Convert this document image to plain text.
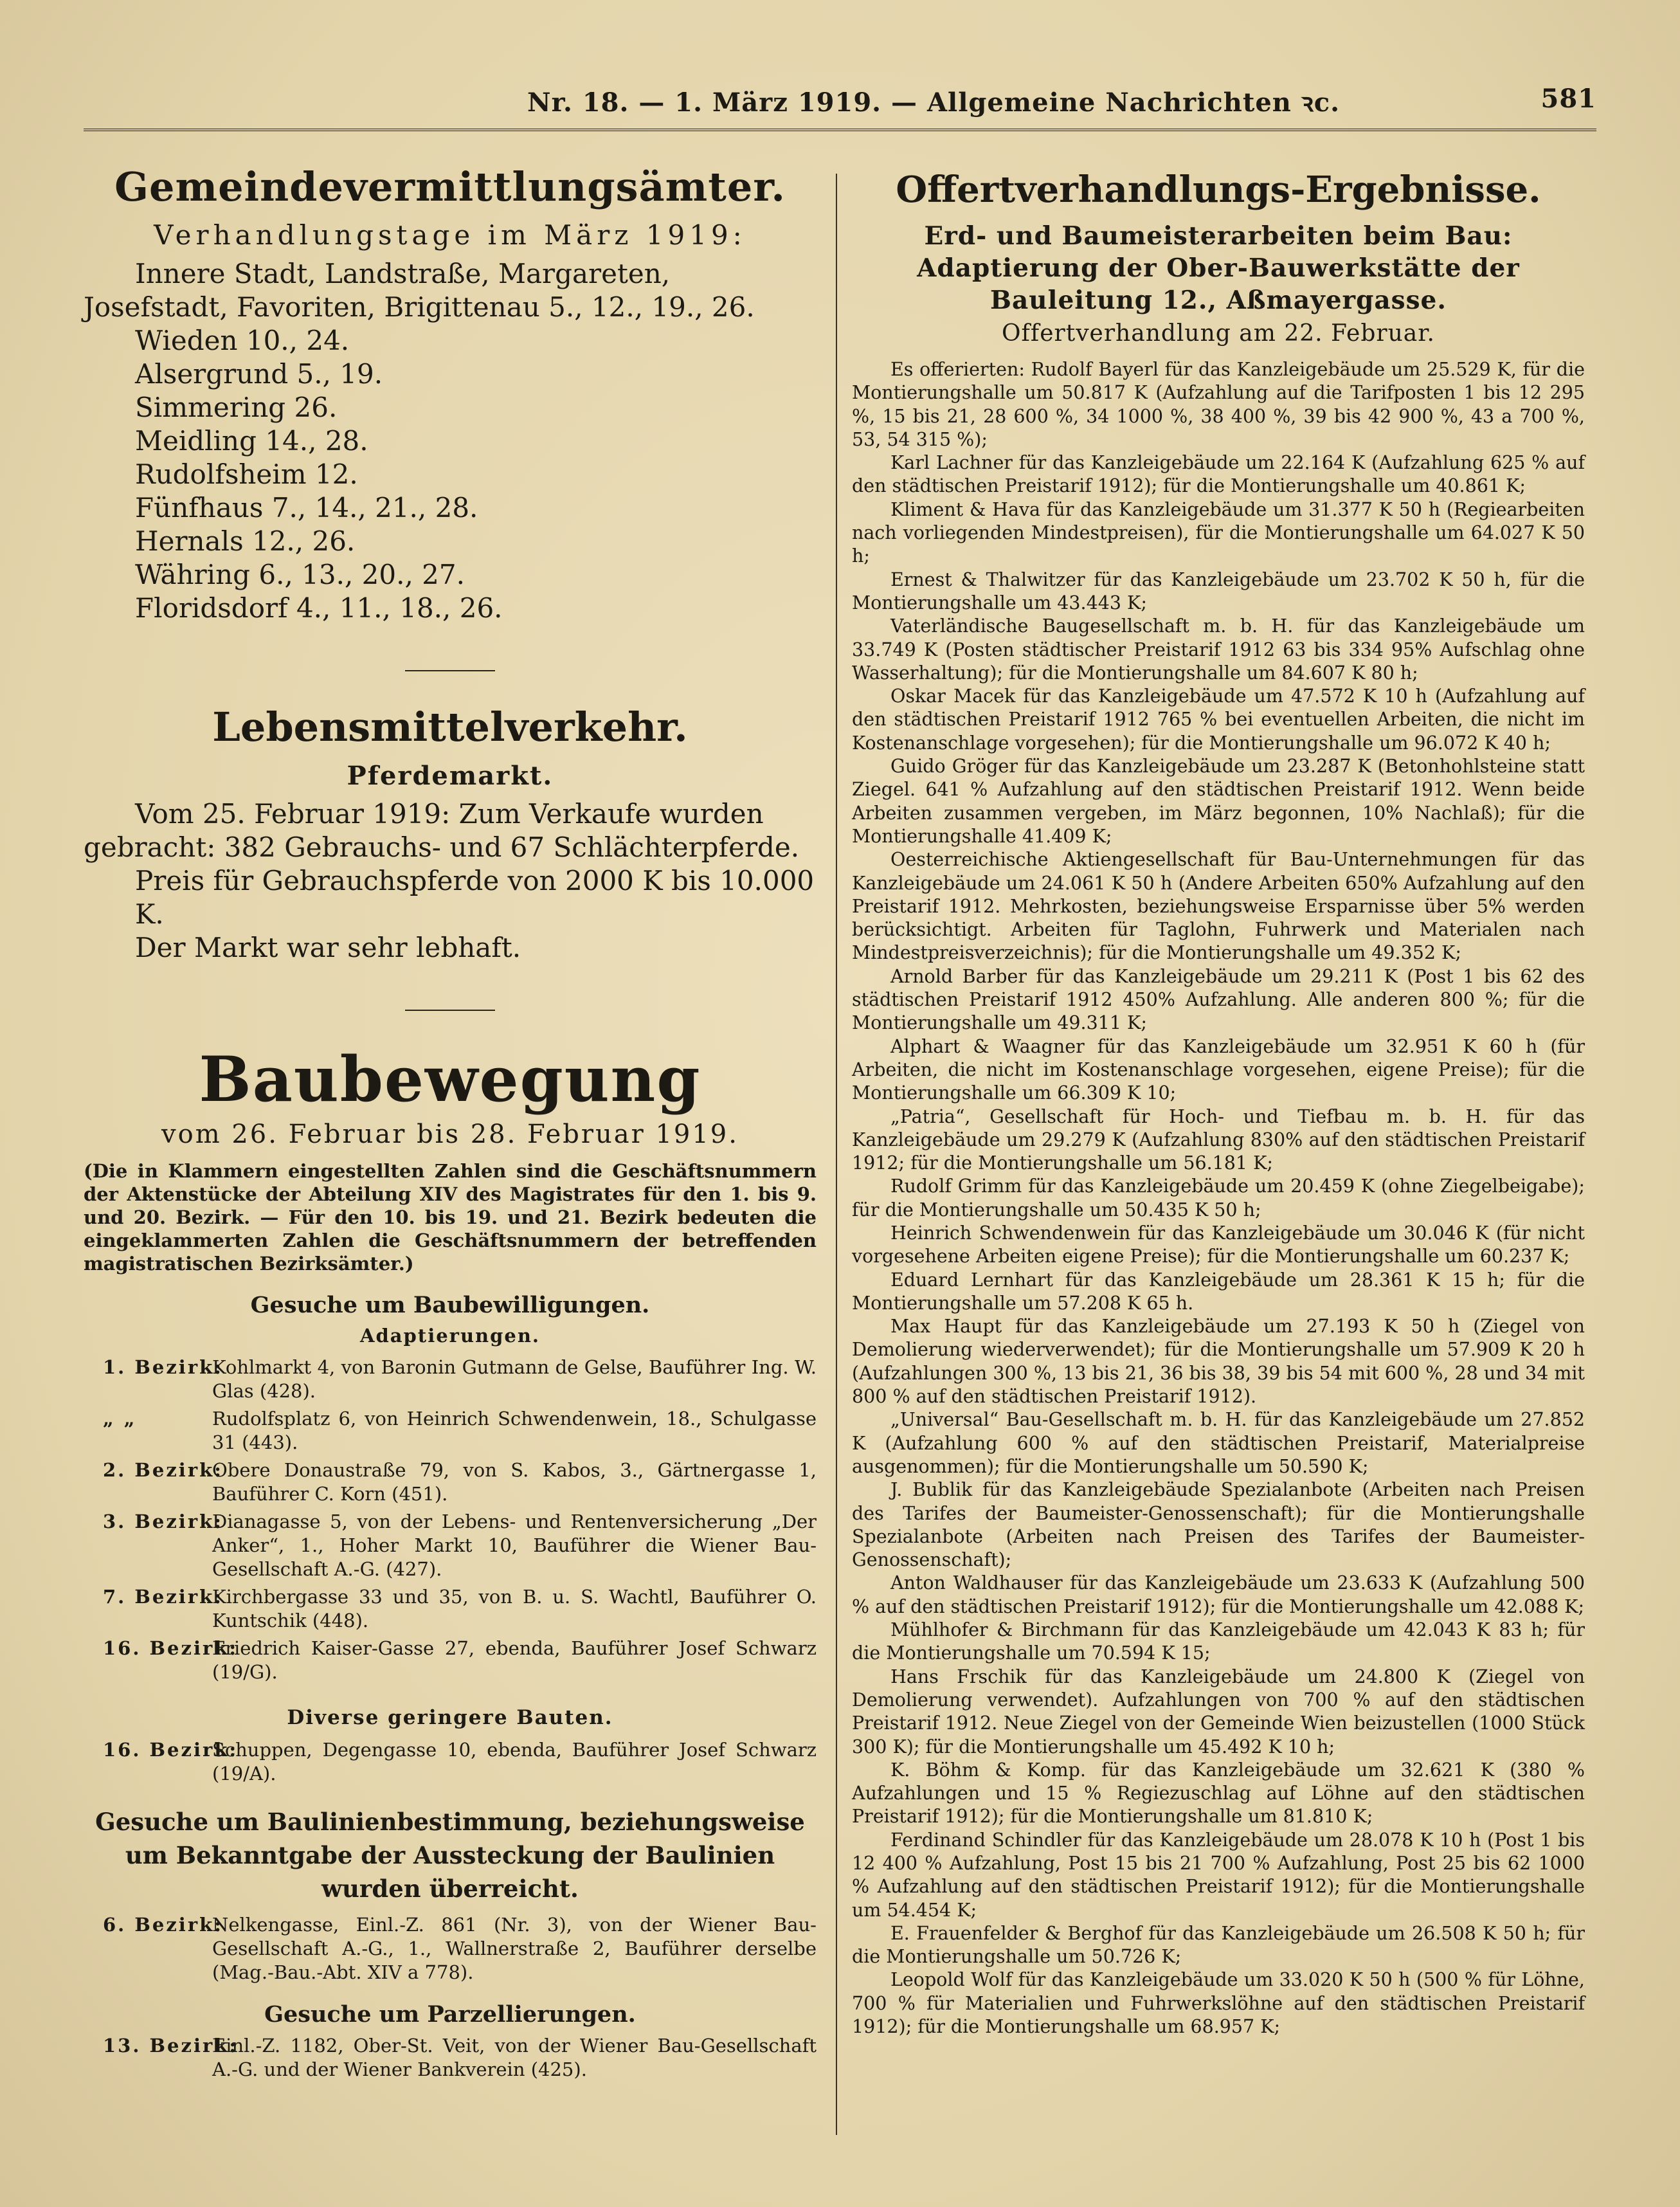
Nr. 18. — 1. März 1919. — Allgemeine Nachrichten ꝛc.	581
Gemeindevermittlungsämter.
Verhandlungstage im März 1919:

Innere Stadt, Landstraße, Margareten, Josefstadt, Favoriten, Brigittenau 5., 12., 19., 26.

Wieden 10., 24.

Alsergrund 5., 19.

Simmering 26.

Meidling 14., 28.

Rudolfsheim 12.

Fünfhaus 7., 14., 21., 28.

Hernals 12., 26.

Währing 6., 13., 20., 27.

Floridsdorf 4., 11., 18., 26.

Lebensmittelverkehr.
Pferdemarkt.

Vom 25. Februar 1919: Zum Verkaufe wurden gebracht: 382 Gebrauchs- und 67 Schlächterpferde.

Preis für Gebrauchspferde von 2000 K bis 10.000 K.

Der Markt war sehr lebhaft.

Baubewegung
vom 26. Februar bis 28. Februar 1919.
(Die in Klammern eingestellten Zahlen sind die Geschäftsnummern der Aktenstücke der Abteilung XIV des Magistrates für den 1. bis 9. und 20. Bezirk. — Für den 10. bis 19. und 21. Bezirk bedeuten die eingeklammerten Zahlen die Geschäftsnummern der betreffenden magistratischen Bezirksämter.)
Gesuche um Baubewilligungen.
Adaptierungen.
1. Bezirk:
Kohlmarkt 4, von Baronin Gutmann de Gelse, Bauführer Ing. W. Glas (428).
„ „	Rudolfsplatz 6, von Heinrich Schwendenwein, 18., Schulgasse 31 (443).
2. Bezirk:
Obere Donaustraße 79, von S. Kabos, 3., Gärtnergasse 1, Bauführer C. Korn (451).
3. Bezirk:
Dianagasse 5, von der Lebens- und Rentenversicherung „Der Anker“, 1., Hoher Markt 10, Bauführer die Wiener Bau-Gesellschaft A.-G. (427).
7. Bezirk:
Kirchbergasse 33 und 35, von B. u. S. Wachtl, Bauführer O. Kuntschik (448).
16. Bezirk:
Friedrich Kaiser-Gasse 27, ebenda, Bauführer Josef Schwarz (19/G).
Diverse geringere Bauten.
16. Bezirk:
Schuppen, Degengasse 10, ebenda, Bauführer Josef Schwarz (19/A).
Gesuche um Baulinienbestimmung, beziehungsweise um Bekanntgabe der Aussteckung der Baulinien wurden überreicht.
6. Bezirk:
Nelkengasse, Einl.-Z. 861 (Nr. 3), von der Wiener Bau-Gesellschaft A.-G., 1., Wallnerstraße 2, Bauführer derselbe (Mag.-Bau.-Abt. XIV a 778).
Gesuche um Parzellierungen.
13. Bezirk:
Einl.-Z. 1182, Ober-St. Veit, von der Wiener Bau-Gesellschaft A.-G. und der Wiener Bankverein (425).
Offertverhandlungs-Ergebnisse.
Erd- und Baumeisterarbeiten beim Bau: Adaptierung der Ober-Bauwerkstätte der Bauleitung 12., Aßmayergasse.
Offertverhandlung am 22. Februar.

Es offerierten: Rudolf Bayerl für das Kanzleigebäude um 25.529 K, für die Montierungshalle um 50.817 K (Aufzahlung auf die Tarifposten 1 bis 12 295 %, 15 bis 21, 28 600 %, 34 1000 %, 38 400 %, 39 bis 42 900 %, 43 a 700 %, 53, 54 315 %);

Karl Lachner für das Kanzleigebäude um 22.164 K (Aufzahlung 625 % auf den städtischen Preistarif 1912); für die Montierungshalle um 40.861 K;

Kliment & Hava für das Kanzleigebäude um 31.377 K 50 h (Regiearbeiten nach vorliegenden Mindestpreisen), für die Montierungshalle um 64.027 K 50 h;

Ernest & Thalwitzer für das Kanzleigebäude um 23.702 K 50 h, für die Montierungshalle um 43.443 K;

Vaterländische Baugesellschaft m. b. H. für das Kanzleigebäude um 33.749 K (Posten städtischer Preistarif 1912 63 bis 334 95% Aufschlag ohne Wasserhaltung); für die Montierungshalle um 84.607 K 80 h;

Oskar Macek für das Kanzleigebäude um 47.572 K 10 h (Aufzahlung auf den städtischen Preistarif 1912 765 % bei eventuellen Arbeiten, die nicht im Kostenanschlage vorgesehen); für die Montierungshalle um 96.072 K 40 h;

Guido Gröger für das Kanzleigebäude um 23.287 K (Betonhohlsteine statt Ziegel. 641 % Aufzahlung auf den städtischen Preistarif 1912. Wenn beide Arbeiten zusammen vergeben, im März begonnen, 10% Nachlaß); für die Montierungshalle 41.409 K;

Oesterreichische Aktiengesellschaft für Bau-Unternehmungen für das Kanzleigebäude um 24.061 K 50 h (Andere Arbeiten 650% Aufzahlung auf den Preistarif 1912. Mehrkosten, beziehungsweise Ersparnisse über 5% werden berücksichtigt. Arbeiten für Taglohn, Fuhrwerk und Materialen nach Mindestpreisverzeichnis); für die Montierungshalle um 49.352 K;

Arnold Barber für das Kanzleigebäude um 29.211 K (Post 1 bis 62 des städtischen Preistarif 1912 450% Aufzahlung. Alle anderen 800 %; für die Montierungshalle um 49.311 K;

Alphart & Waagner für das Kanzleigebäude um 32.951 K 60 h (für Arbeiten, die nicht im Kostenanschlage vorgesehen, eigene Preise); für die Montierungshalle um 66.309 K 10;

„Patria“, Gesellschaft für Hoch- und Tiefbau m. b. H. für das Kanzleigebäude um 29.279 K (Aufzahlung 830% auf den städtischen Preistarif 1912; für die Montierungshalle um 56.181 K;

Rudolf Grimm für das Kanzleigebäude um 20.459 K (ohne Ziegelbeigabe); für die Montierungshalle um 50.435 K 50 h;

Heinrich Schwendenwein für das Kanzleigebäude um 30.046 K (für nicht vorgesehene Arbeiten eigene Preise); für die Montierungshalle um 60.237 K;

Eduard Lernhart für das Kanzleigebäude um 28.361 K 15 h; für die Montierungshalle um 57.208 K 65 h.

Max Haupt für das Kanzleigebäude um 27.193 K 50 h (Ziegel von Demolierung wiederverwendet); für die Montierungshalle um 57.909 K 20 h (Aufzahlungen 300 %, 13 bis 21, 36 bis 38, 39 bis 54 mit 600 %, 28 und 34 mit 800 % auf den städtischen Preistarif 1912).

„Universal“ Bau-Gesellschaft m. b. H. für das Kanzleigebäude um 27.852 K (Aufzahlung 600 % auf den städtischen Preistarif, Materialpreise ausgenommen); für die Montierungshalle um 50.590 K;

J. Bublik für das Kanzleigebäude Spezialanbote (Arbeiten nach Preisen des Tarifes der Baumeister-Genossenschaft); für die Montierungshalle Spezialanbote (Arbeiten nach Preisen des Tarifes der Baumeister-Genossenschaft);

Anton Waldhauser für das Kanzleigebäude um 23.633 K (Aufzahlung 500 % auf den städtischen Preistarif 1912); für die Montierungshalle um 42.088 K;

Mühlhofer & Birchmann für das Kanzleigebäude um 42.043 K 83 h; für die Montierungshalle um 70.594 K 15;

Hans Frschik für das Kanzleigebäude um 24.800 K (Ziegel von Demolierung verwendet). Aufzahlungen von 700 % auf den städtischen Preistarif 1912. Neue Ziegel von der Gemeinde Wien beizustellen (1000 Stück 300 K); für die Montierungshalle um 45.492 K 10 h;

K. Böhm & Komp. für das Kanzleigebäude um 32.621 K (380 % Aufzahlungen und 15 % Regiezuschlag auf Löhne auf den städtischen Preistarif 1912); für die Montierungshalle um 81.810 K;

Ferdinand Schindler für das Kanzleigebäude um 28.078 K 10 h (Post 1 bis 12 400 % Aufzahlung, Post 15 bis 21 700 % Aufzahlung, Post 25 bis 62 1000 % Aufzahlung auf den städtischen Preistarif 1912); für die Montierungshalle um 54.454 K;

E. Frauenfelder & Berghof für das Kanzleigebäude um 26.508 K 50 h; für die Montierungshalle um 50.726 K;

Leopold Wolf für das Kanzleigebäude um 33.020 K 50 h (500 % für Löhne, 700 % für Materialien und Fuhrwerkslöhne auf den städtischen Preistarif 1912); für die Montierungshalle um 68.957 K;
